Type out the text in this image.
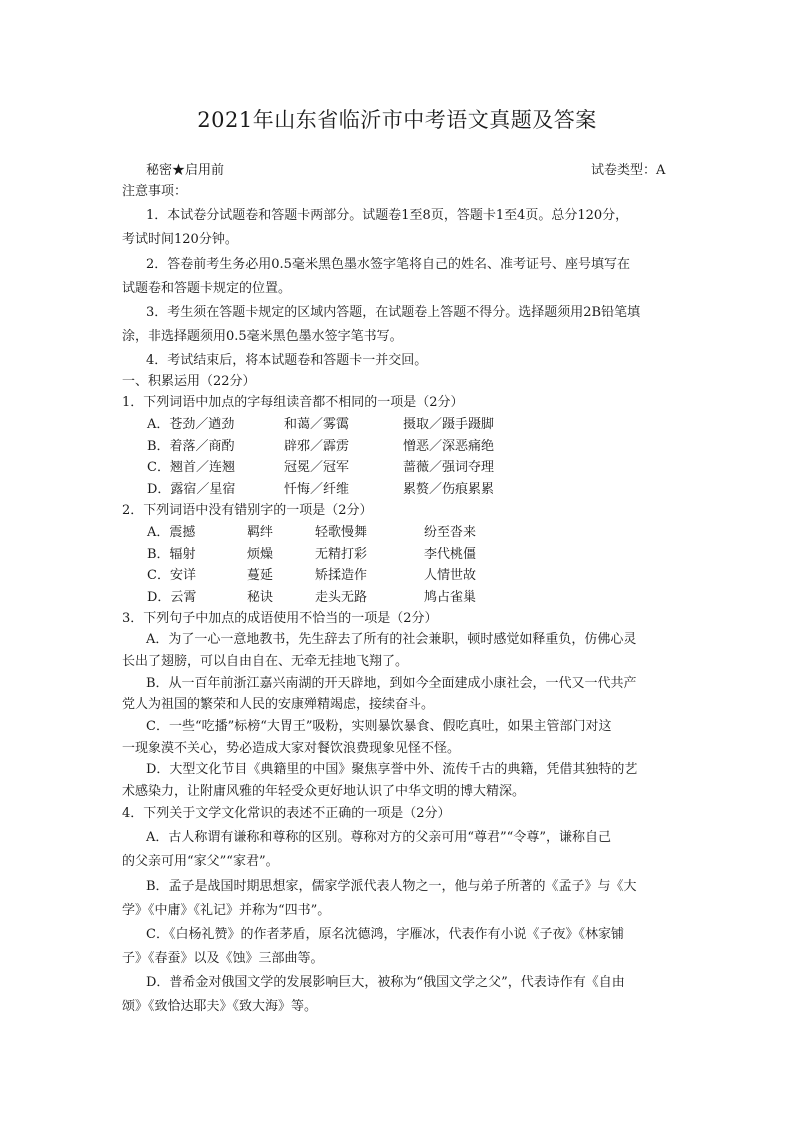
2021年山东省临沂市中考语文真题及答案
秘密★启用前	试卷类型：A
注意事项：
1．本试卷分试题卷和答题卡两部分。试题卷1至8页，答题卡1至4页。总分120分，
考试时间120分钟。
2．答卷前考生务必用0.5毫米黑色墨水签字笔将自己的姓名、准考证号、座号填写在
试题卷和答题卡规定的位置。
3．考生须在答题卡规定的区域内答题，在试题卷上答题不得分。选择题须用2B铅笔填
涂，非选择题须用0.5毫米黑色墨水签字笔书写。
4．考试结束后，将本试题卷和答题卡一并交回。
一、积累运用（22分）
1．下列词语中加点的字每组读音都不相同的一项是（2分）
A．苍劲／遒劲	和蔼／雾霭	摄取／蹑手蹑脚
B．着落／商酌	辟邪／霹雳	憎恶／深恶痛绝
C．翘首／连翘	冠冕／冠军	蔷薇／强词夺理
D．露宿／星宿	忏悔／纤维	累赘／伤痕累累
2．下列词语中没有错别字的一项是（2分）
A．震撼	羁绊	轻歌慢舞	纷至沓来
B．辐射	烦燥	无精打彩	李代桃僵
C．安详	蔓延	矫揉造作	人情世故
D．云霄	秘诀	走头无路	鸠占雀巢
3．下列句子中加点的成语使用不恰当的一项是（2分）
A．为了一心一意地教书，先生辞去了所有的社会兼职，顿时感觉如释重负，仿佛心灵
长出了翅膀，可以自由自在、无牵无挂地飞翔了。
B．从一百年前浙江嘉兴南湖的开天辟地，到如今全面建成小康社会，一代又一代共产
党人为祖国的繁荣和人民的安康殚精竭虑，接续奋斗。
C．一些“吃播”标榜“大胃王”吸粉，实则暴饮暴食、假吃真吐，如果主管部门对这
一现象漠不关心，势必造成大家对餐饮浪费现象见怪不怪。
D．大型文化节目《典籍里的中国》聚焦享誉中外、流传千古的典籍，凭借其独特的艺
术感染力，让附庸风雅的年轻受众更好地认识了中华文明的博大精深。
4．下列关于文学文化常识的表述不正确的一项是（2分）
A．古人称谓有谦称和尊称的区别。尊称对方的父亲可用“尊君”“令尊”，谦称自己
的父亲可用“家父”“家君”。
B．孟子是战国时期思想家，儒家学派代表人物之一，他与弟子所著的《孟子》与《大
学》《中庸》《礼记》并称为“四书”。
C．《白杨礼赞》的作者茅盾，原名沈德鸿，字雁冰，代表作有小说《子夜》《林家铺
子》《春蚕》以及《蚀》三部曲等。
D．普希金对俄国文学的发展影响巨大，被称为“俄国文学之父”，代表诗作有《自由
颂》《致恰达耶夫》《致大海》等。
